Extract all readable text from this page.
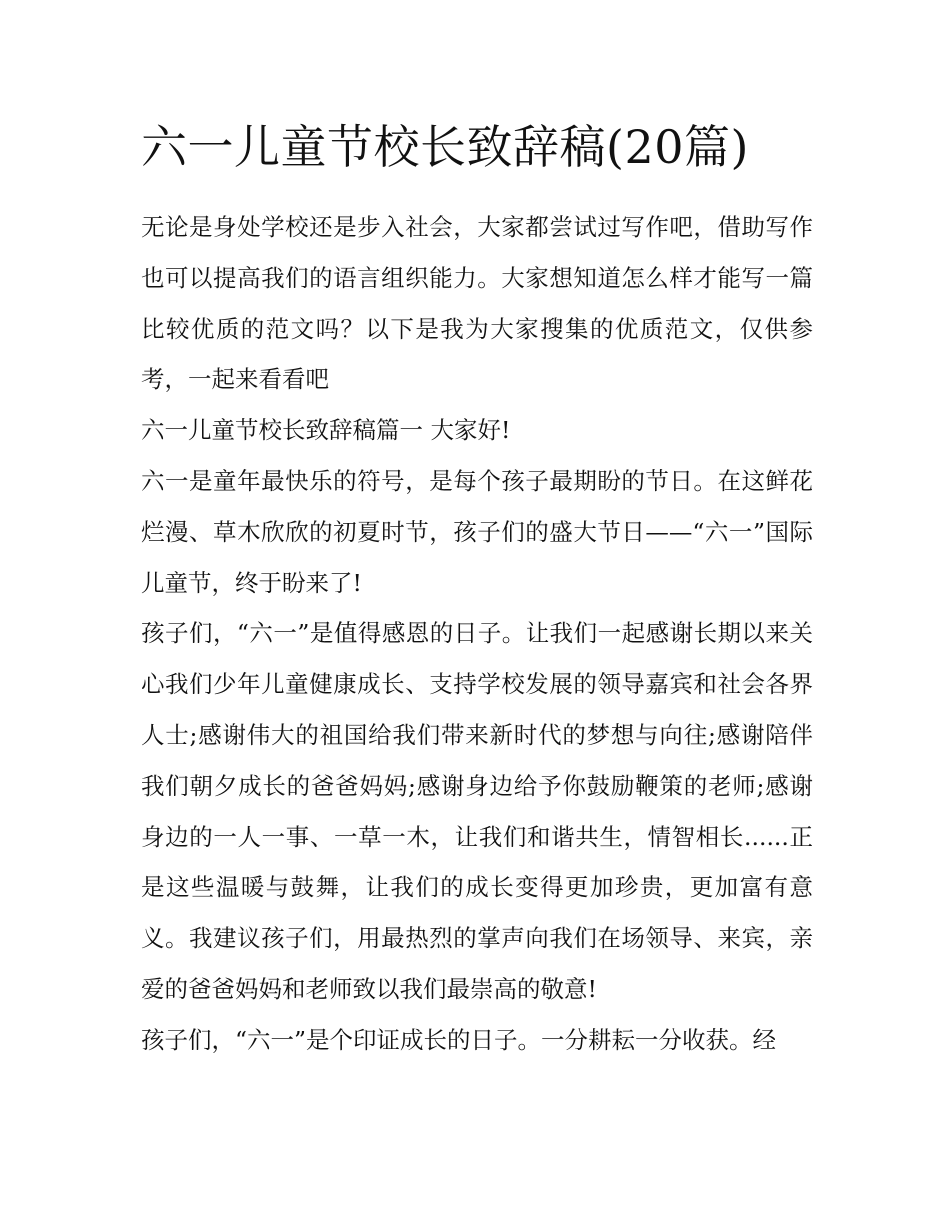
六一儿童节校长致辞稿(20篇)

无论是身处学校还是步入社会，大家都尝试过写作吧，借助写作也可以提高我们的语言组织能力。大家想知道怎么样才能写一篇比较优质的范文吗？以下是我为大家搜集的优质范文，仅供参考，一起来看看吧

六一儿童节校长致辞稿篇一 大家好!

六一是童年最快乐的符号，是每个孩子最期盼的节日。在这鲜花烂漫、草木欣欣的初夏时节，孩子们的盛大节日——“六一”国际儿童节，终于盼来了!

孩子们，“六一”是值得感恩的日子。让我们一起感谢长期以来关心我们少年儿童健康成长、支持学校发展的领导嘉宾和社会各界人士;感谢伟大的祖国给我们带来新时代的梦想与向往;感谢陪伴我们朝夕成长的爸爸妈妈;感谢身边给予你鼓励鞭策的老师;感谢身边的一人一事、一草一木，让我们和谐共生，情智相长......正是这些温暖与鼓舞，让我们的成长变得更加珍贵，更加富有意义。我建议孩子们，用最热烈的掌声向我们在场领导、来宾，亲爱的爸爸妈妈和老师致以我们最崇高的敬意!

孩子们，“六一”是个印证成长的日子。一分耕耘一分收获。经
